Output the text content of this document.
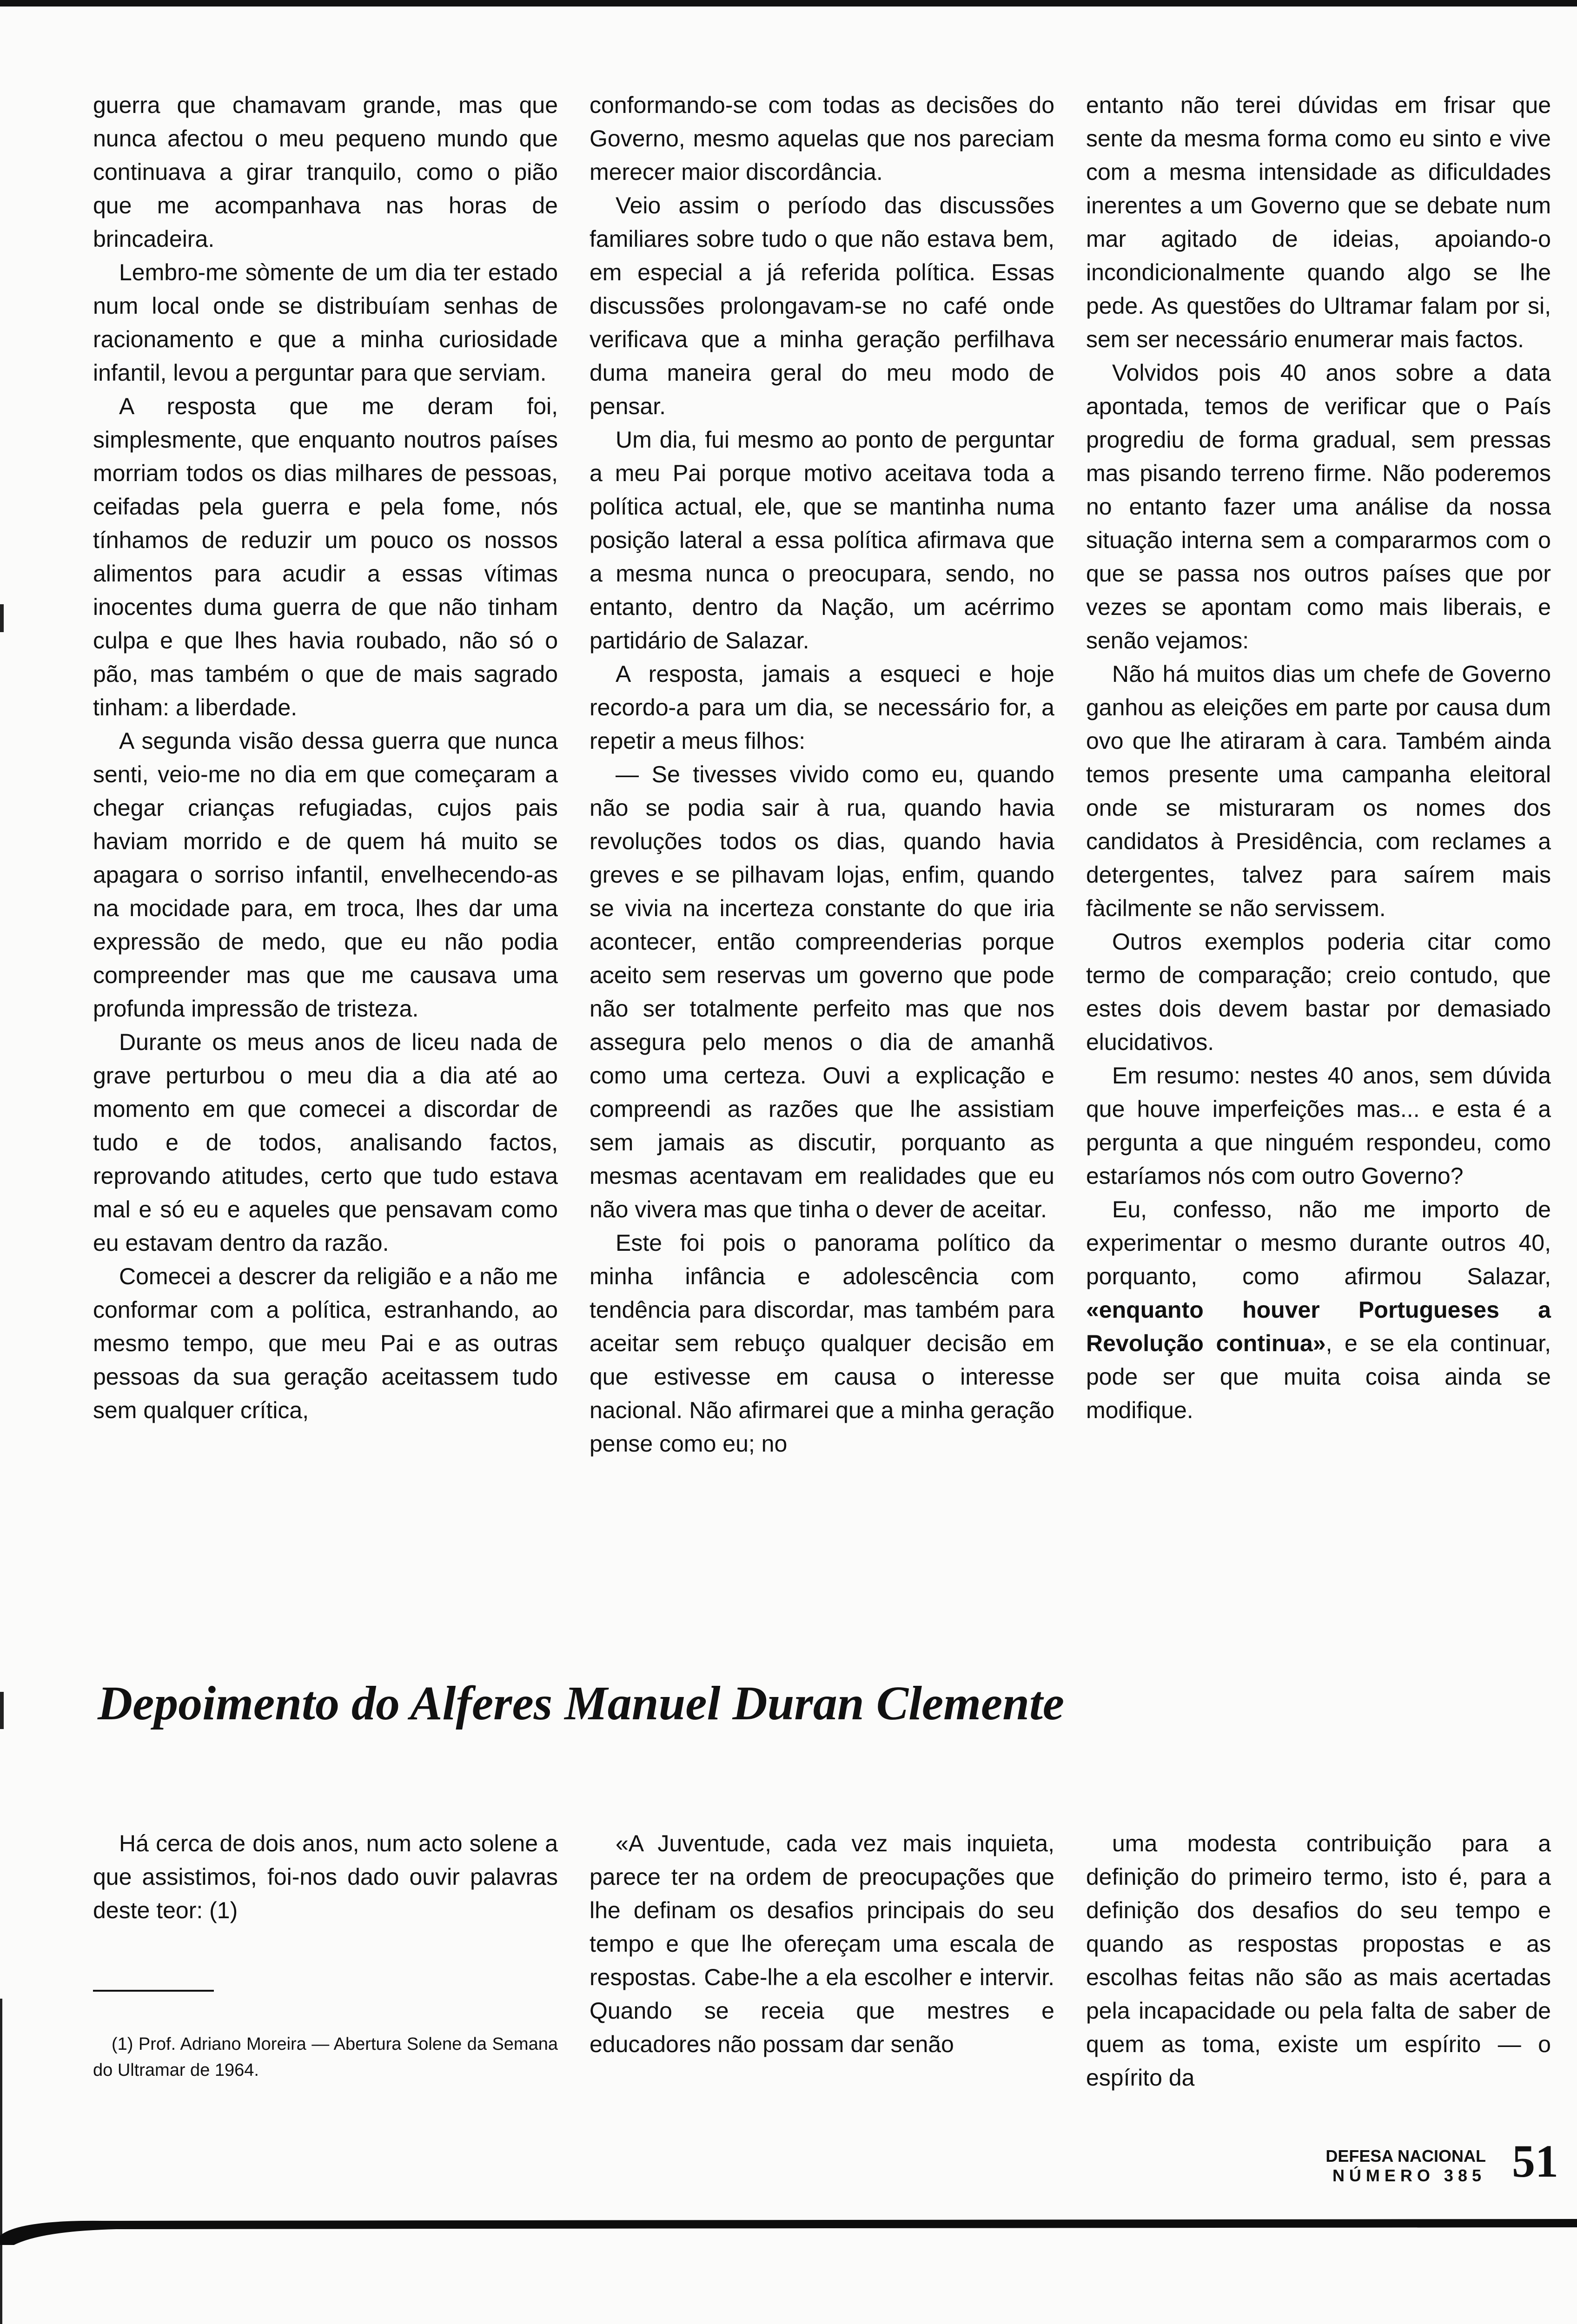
guerra que chamavam grande, mas que nunca afectou o meu pequeno mundo que continuava a girar tranquilo, como o pião que me acompanhava nas horas de brincadeira.

Lembro-me sòmente de um dia ter estado num local onde se distribuíam senhas de racionamento e que a minha curiosidade infantil, levou a perguntar para que serviam.

A resposta que me deram foi, simplesmente, que enquanto noutros países morriam todos os dias milhares de pessoas, ceifadas pela guerra e pela fome, nós tínhamos de reduzir um pouco os nossos alimentos para acudir a essas vítimas inocentes duma guerra de que não tinham culpa e que lhes havia roubado, não só o pão, mas também o que de mais sagrado tinham: a liberdade.

A segunda visão dessa guerra que nunca senti, veio-me no dia em que começaram a chegar crianças refugiadas, cujos pais haviam morrido e de quem há muito se apagara o sorriso infantil, envelhecendo-as na mocidade para, em troca, lhes dar uma expressão de medo, que eu não podia compreender mas que me causava uma profunda impressão de tristeza.

Durante os meus anos de liceu nada de grave perturbou o meu dia a dia até ao momento em que comecei a discordar de tudo e de todos, analisando factos, reprovando atitudes, certo que tudo estava mal e só eu e aqueles que pensavam como eu estavam dentro da razão.

Comecei a descrer da religião e a não me conformar com a política, estranhando, ao mesmo tempo, que meu Pai e as outras pessoas da sua geração aceitassem tudo sem qualquer crítica,

conformando-se com todas as decisões do Governo, mesmo aquelas que nos pareciam merecer maior discordância.

Veio assim o período das discussões familiares sobre tudo o que não estava bem, em especial a já referida política. Essas discussões prolongavam-se no café onde verificava que a minha geração perfilhava duma maneira geral do meu modo de pensar.

Um dia, fui mesmo ao ponto de perguntar a meu Pai porque motivo aceitava toda a política actual, ele, que se mantinha numa posição lateral a essa política afirmava que a mesma nunca o preocupara, sendo, no entanto, dentro da Nação, um acérrimo partidário de Salazar.

A resposta, jamais a esqueci e hoje recordo-a para um dia, se necessário for, a repetir a meus filhos:

— Se tivesses vivido como eu, quando não se podia sair à rua, quando havia revoluções todos os dias, quando havia greves e se pilhavam lojas, enfim, quando se vivia na incerteza constante do que iria acontecer, então compreenderias porque aceito sem reservas um governo que pode não ser totalmente perfeito mas que nos assegura pelo menos o dia de amanhã como uma certeza. Ouvi a explicação e compreendi as razões que lhe assistiam sem jamais as discutir, porquanto as mesmas acentavam em realidades que eu não vivera mas que tinha o dever de aceitar.

Este foi pois o panorama político da minha infância e adolescência com tendência para discordar, mas também para aceitar sem rebuço qualquer decisão em que estivesse em causa o interesse nacional. Não afirmarei que a minha geração pense como eu; no

entanto não terei dúvidas em frisar que sente da mesma forma como eu sinto e vive com a mesma intensidade as dificuldades inerentes a um Governo que se debate num mar agitado de ideias, apoiando-o incondicionalmente quando algo se lhe pede. As questões do Ultramar falam por si, sem ser necessário enumerar mais factos.

Volvidos pois 40 anos sobre a data apontada, temos de verificar que o País progrediu de forma gradual, sem pressas mas pisando terreno firme. Não poderemos no entanto fazer uma análise da nossa situação interna sem a compararmos com o que se passa nos outros países que por vezes se apontam como mais liberais, e senão vejamos:

Não há muitos dias um chefe de Governo ganhou as eleições em parte por causa dum ovo que lhe atiraram à cara. Também ainda temos presente uma campanha eleitoral onde se misturaram os nomes dos candidatos à Presidência, com reclames a detergentes, talvez para saírem mais fàcilmente se não servissem.

Outros exemplos poderia citar como termo de comparação; creio contudo, que estes dois devem bastar por demasiado elucidativos.

Em resumo: nestes 40 anos, sem dúvida que houve imperfeições mas... e esta é a pergunta a que ninguém respondeu, como estaríamos nós com outro Governo?

Eu, confesso, não me importo de experimentar o mesmo durante outros 40, porquanto, como afirmou Salazar, «enquanto houver Portugueses a Revolução continua», e se ela continuar, pode ser que muita coisa ainda se modifique.

Depoimento do Alferes Manuel Duran Clemente

Há cerca de dois anos, num acto solene a que assistimos, foi-nos dado ouvir palavras deste teor: (1)

(1) Prof. Adriano Moreira — Abertura Solene da Semana do Ultramar de 1964.

«A Juventude, cada vez mais inquieta, parece ter na ordem de preocupações que lhe definam os desafios principais do seu tempo e que lhe ofereçam uma escala de respostas. Cabe-lhe a ela escolher e intervir. Quando se receia que mestres e educadores não possam dar senão

uma modesta contribuição para a definição do primeiro termo, isto é, para a definição dos desafios do seu tempo e quando as respostas propostas e as escolhas feitas não são as mais acertadas pela incapacidade ou pela falta de saber de quem as toma, existe um espírito — o espírito da

DEFESA NACIONAL
NÚMERO 385 51
